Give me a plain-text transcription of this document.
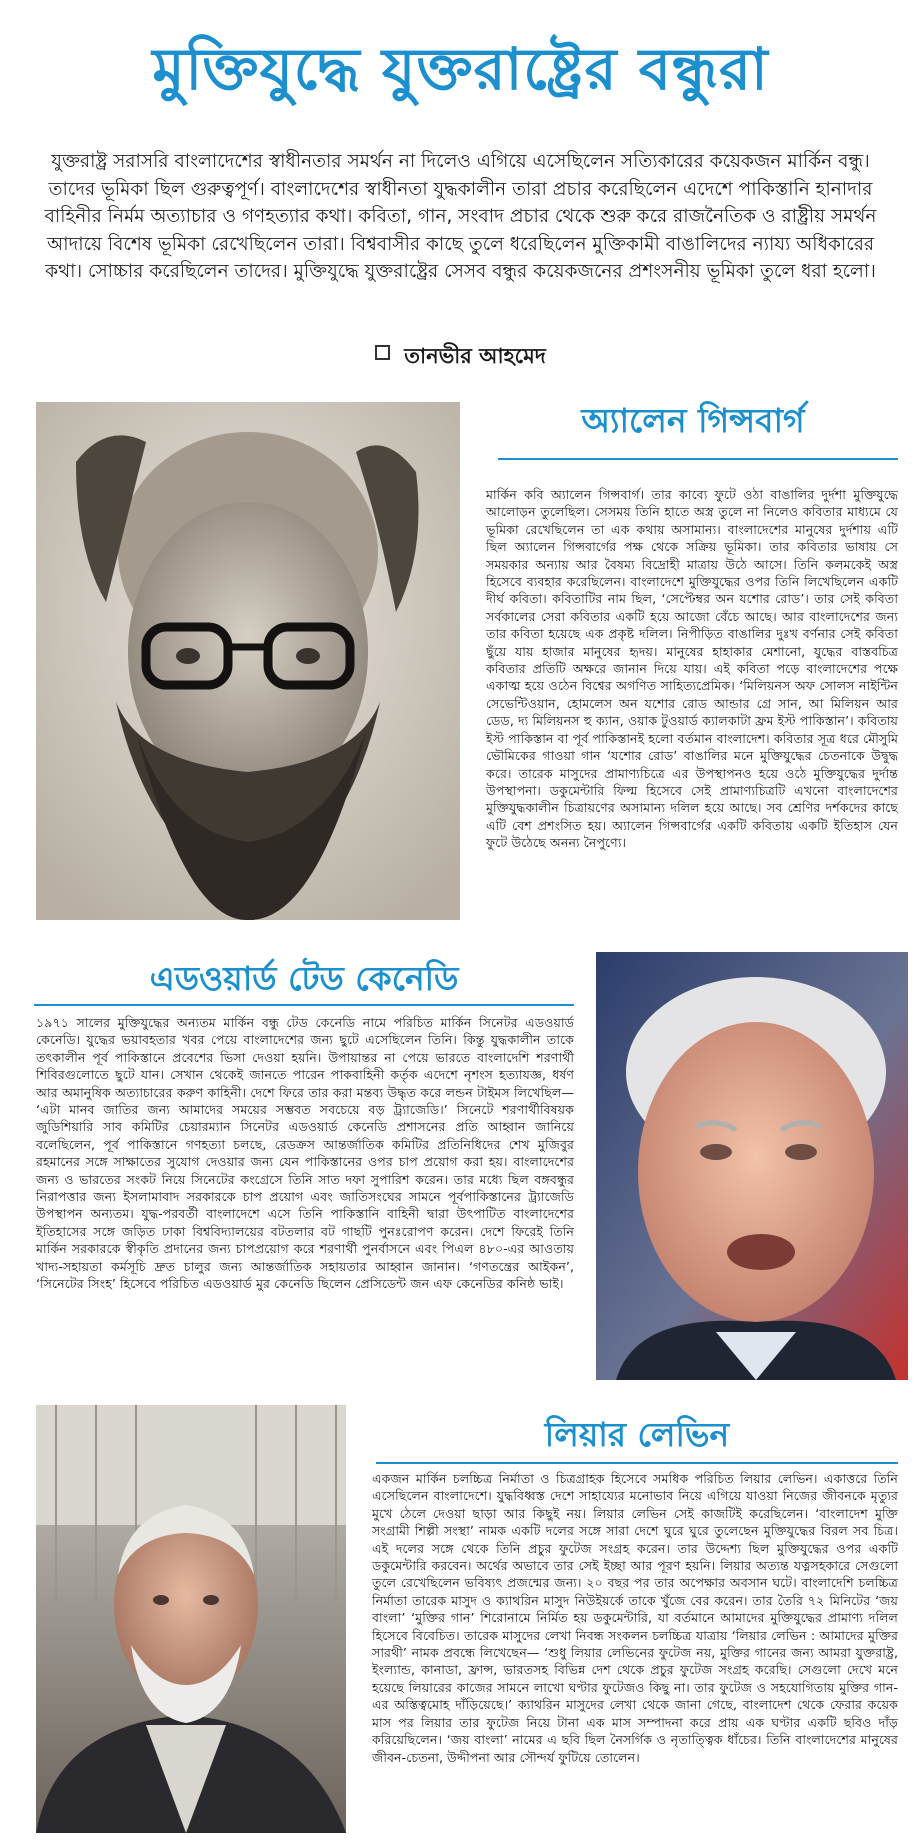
মুক্তিযুদ্ধে যুক্তরাষ্ট্রের বন্ধুরা
যুক্তরাষ্ট্র সরাসরি বাংলাদেশের স্বাধীনতার সমর্থন না দিলেও এগিয়ে এসেছিলেন সত্যিকারের কয়েকজন মার্কিন বন্ধু। তাদের ভূমিকা ছিল গুরুত্বপূর্ণ। বাংলাদেশের স্বাধীনতা যুদ্ধকালীন তারা প্রচার করেছিলেন এদেশে পাকিস্তানি হানাদার বাহিনীর নির্মম অত্যাচার ও গণহত্যার কথা। কবিতা, গান, সংবাদ প্রচার থেকে শুরু করে রাজনৈতিক ও রাষ্ট্রীয় সমর্থন আদায়ে বিশেষ ভূমিকা রেখেছিলেন তারা। বিশ্ববাসীর কাছে তুলে ধরেছিলেন মুক্তিকামী বাঙালিদের ন্যায্য অধিকারের কথা। সোচ্চার করেছিলেন তাদের। মুক্তিযুদ্ধে যুক্তরাষ্ট্রের সেসব বন্ধুর কয়েকজনের প্রশংসনীয় ভূমিকা তুলে ধরা হলো।
তানভীর আহমেদ
অ্যালেন গিন্সবার্গ

মার্কিন কবি অ্যালেন গিন্সবার্গ। তার কাব্যে ফুটে ওঠা বাঙালির দুর্দশা মুক্তিযুদ্ধে আলোড়ন তুলেছিল। সেসময় তিনি হাতে অস্ত্র তুলে না নিলেও কবিতার মাধ্যমে যে ভূমিকা রেখেছিলেন তা এক কথায় অসামান্য। বাংলাদেশের মানুষের দুর্দশায় এটি ছিল অ্যালেন গিন্সবার্গের পক্ষ থেকে সক্রিয় ভূমিকা। তার কবিতার ভাষায় সে সময়কার অন্যায় আর বৈষম্য বিদ্রোহী মাত্রায় উঠে আসে। তিনি কলমকেই অস্ত্র হিসেবে ব্যবহার করেছিলেন। বাংলাদেশে মুক্তিযুদ্ধের ওপর তিনি লিখেছিলেন একটি দীর্ঘ কবিতা। কবিতাটির নাম ছিল, ‘সেপ্টেম্বর অন যশোর রোড’। তার সেই কবিতা সর্বকালের সেরা কবিতার একটি হয়ে আজো বেঁচে আছে। আর বাংলাদেশের জন্য তার কবিতা হয়েছে এক প্রকৃষ্ট দলিল। নিপীড়িত বাঙালির দুঃখ বর্ণনার সেই কবিতা ছুঁয়ে যায় হাজার মানুষের হৃদয়। মানুষের হাহাকার মেশানো, যুদ্ধের বাস্তবচিত্র কবিতার প্রতিটি অক্ষরে জানান দিয়ে যায়। এই কবিতা পড়ে বাংলাদেশের পক্ষে একাত্ম হয়ে ওঠেন বিশ্বের অগণিত সাহিত্যপ্রেমিক। ‘মিলিয়নস অফ সোলস নাইন্টিন সেভেন্টিওয়ান, হোমলেস অন যশোর রোড আন্ডার গ্রে সান, আ মিলিয়ন আর ডেড, দ্য মিলিয়নস হু ক্যান, ওয়াক টুওয়ার্ড ক্যালকাটা ফ্রম ইস্ট পাকিস্তান’। কবিতায় ইস্ট পাকিস্তান বা পূর্ব পাকিস্তানই হলো বর্তমান বাংলাদেশ। কবিতার সূত্র ধরে মৌসুমি ভৌমিকের গাওয়া গান ‘যশোর রোড’ বাঙালির মনে মুক্তিযুদ্ধের চেতনাকে উদ্বুদ্ধ করে। তারেক মাসুদের প্রামাণ্যচিত্রে এর উপস্থাপনও হয়ে ওঠে মুক্তিযুদ্ধের দুর্দান্ত উপস্থাপনা। ডকুমেন্টারি ফিল্ম হিসেবে সেই প্রামাণ্যচিত্রটি এখনো বাংলাদেশের মুক্তিযুদ্ধকালীন চিত্রায়ণের অসামান্য দলিল হয়ে আছে। সব শ্রেণির দর্শকদের কাছে এটি বেশ প্রশংসিত হয়। অ্যালেন গিন্সবার্গের একটি কবিতায় একটি ইতিহাস যেন ফুটে উঠেছে অনন্য নৈপুণ্যে।

এডওয়ার্ড টেড কেনেডি

১৯৭১ সালের মুক্তিযুদ্ধের অন্যতম মার্কিন বন্ধু টেড কেনেডি নামে পরিচিত মার্কিন সিনেটর এডওয়ার্ড কেনেডি। যুদ্ধের ভয়াবহতার খবর পেয়ে বাংলাদেশের জন্য ছুটে এসেছিলেন তিনি। কিন্তু যুদ্ধকালীন তাকে তৎকালীন পূর্ব পাকিস্তানে প্রবেশের ভিসা দেওয়া হয়নি। উপায়ান্তর না পেয়ে ভারতে বাংলাদেশি শরণার্থী শিবিরগুলোতে ছুটে যান। সেখান থেকেই জানতে পারেন পাকবাহিনী কর্তৃক এদেশে নৃশংস হত্যাযজ্ঞ, ধর্ষণ আর অমানুষিক অত্যাচারের করুণ কাহিনী। দেশে ফিরে তার করা মন্তব্য উদ্ধৃত করে লন্ডন টাইমস লিখেছিল— ‘এটা মানব জাতির জন্য আমাদের সময়ের সম্ভবত সবচেয়ে বড় ট্র্যাজেডি।’ সিনেটে শরণার্থীবিষয়ক জুডিশিয়ারি সাব কমিটির চেয়ারম্যান সিনেটর এডওয়ার্ড কেনেডি প্রশাসনের প্রতি আহ্বান জানিয়ে বলেছিলেন, পূর্ব পাকিস্তানে গণহত্যা চলছে, রেডক্রস আন্তর্জাতিক কমিটির প্রতিনিধিদের শেখ মুজিবুর রহমানের সঙ্গে সাক্ষাতের সুযোগ দেওয়ার জন্য যেন পাকিস্তানের ওপর চাপ প্রয়োগ করা হয়। বাংলাদেশের জন্য ও ভারতের সংকট নিয়ে সিনেটের কংগ্রেসে তিনি সাত দফা সুপারিশ করেন। তার মধ্যে ছিল বঙ্গবন্ধুর নিরাপত্তার জন্য ইসলামাবাদ সরকারকে চাপ প্রয়োগ এবং জাতিসংঘের সামনে পূর্বপাকিস্তানের ট্র্যাজেডি উপস্থাপন অন্যতম। যুদ্ধ-পরবর্তী বাংলাদেশে এসে তিনি পাকিস্তানি বাহিনী দ্বারা উৎপাটিত বাংলাদেশের ইতিহাসের সঙ্গে জড়িত ঢাকা বিশ্ববিদ্যালয়ের বটতলার বট গাছটি পুনঃরোপণ করেন। দেশে ফিরেই তিনি মার্কিন সরকারকে স্বীকৃতি প্রদানের জন্য চাপপ্রয়োগ করে শরণার্থী পুনর্বাসনে এবং পিএল ৪৮০-এর আওতায় খাদ্য-সহায়তা কর্মসূচি দ্রুত চালুর জন্য আন্তর্জাতিক সহায়তার আহ্বান জানান। ‘গণতন্ত্রের আইকন’, ‘সিনেটের সিংহ’ হিসেবে পরিচিত এডওয়ার্ড মুর কেনেডি ছিলেন প্রেসিডেন্ট জন এফ কেনেডির কনিষ্ঠ ভাই।

লিয়ার লেভিন

একজন মার্কিন চলচ্চিত্র নির্মাতা ও চিত্রগ্রাহক হিসেবে সমধিক পরিচিত লিয়ার লেভিন। একাত্তরে তিনি এসেছিলেন বাংলাদেশে। যুদ্ধবিধ্বস্ত দেশে সাহায্যের মনোভাব নিয়ে এগিয়ে যাওয়া নিজের জীবনকে মৃত্যুর মুখে ঠেলে দেওয়া ছাড়া আর কিছুই নয়। লিয়ার লেভিন সেই কাজটিই করেছিলেন। ‘বাংলাদেশ মুক্তি সংগ্রামী শিল্পী সংস্থা’ নামক একটি দলের সঙ্গে সারা দেশে ঘুরে ঘুরে তুলেছেন মুক্তিযুদ্ধের বিরল সব চিত্র। এই দলের সঙ্গে থেকে তিনি প্রচুর ফুটেজ সংগ্রহ করেন। তার উদ্দেশ্য ছিল মুক্তিযুদ্ধের ওপর একটি ডকুমেন্টারি করবেন। অর্থের অভাবে তার সেই ইচ্ছা আর পূরণ হয়নি। লিয়ার অত্যন্ত যত্নসহকারে সেগুলো তুলে রেখেছিলেন ভবিষ্যৎ প্রজন্মের জন্য। ২০ বছর পর তার অপেক্ষার অবসান ঘটে। বাংলাদেশি চলচ্চিত্র নির্মাতা তারেক মাসুদ ও ক্যাথরিন মাসুদ নিউইয়র্কে তাকে খুঁজে বের করেন। তার তৈরি ৭২ মিনিটের ‘জয় বাংলা’ ‘মুক্তির গান’ শিরোনামে নির্মিত হয় ডকুমেন্টারি, যা বর্তমানে আমাদের মুক্তিযুদ্ধের প্রামাণ্য দলিল হিসেবে বিবেচিত। তারেক মাসুদের লেখা নিবন্ধ সংকলন চলচ্চিত্র যাত্রায় ‘লিয়ার লেভিন : আমাদের মুক্তির সারথী’ নামক প্রবন্ধে লিখেছেন— ‘শুধু লিয়ার লেভিনের ফুটেজ নয়, মুক্তির গানের জন্য আমরা যুক্তরাষ্ট্র, ইংল্যান্ড, কানাডা, ফ্রান্স, ভারতসহ বিভিন্ন দেশ থেকে প্রচুর ফুটেজ সংগ্রহ করেছি। সেগুলো দেখে মনে হয়েছে লিয়ারের কাজের সামনে লাখো ঘণ্টার ফুটেজও কিছু না। তার ফুটেজ ও সহযোগিতায় মুক্তির গান-এর অস্তিত্বমোহ দাঁড়িয়েছে।’ ক্যাথরিন মাসুদের লেখা থেকে জানা গেছে, বাংলাদেশ থেকে ফেরার কয়েক মাস পর লিয়ার তার ফুটেজ নিয়ে টানা এক মাস সম্পাদনা করে প্রায় এক ঘণ্টার একটি ছবিও দাঁড় করিয়েছিলেন। ‘জয় বাংলা’ নামের এ ছবি ছিল নৈসর্গিক ও নৃতাত্ত্বিক ধাঁচের। তিনি বাংলাদেশের মানুষের জীবন-চেতনা, উদ্দীপনা আর সৌন্দর্য ফুটিয়ে তোলেন।
